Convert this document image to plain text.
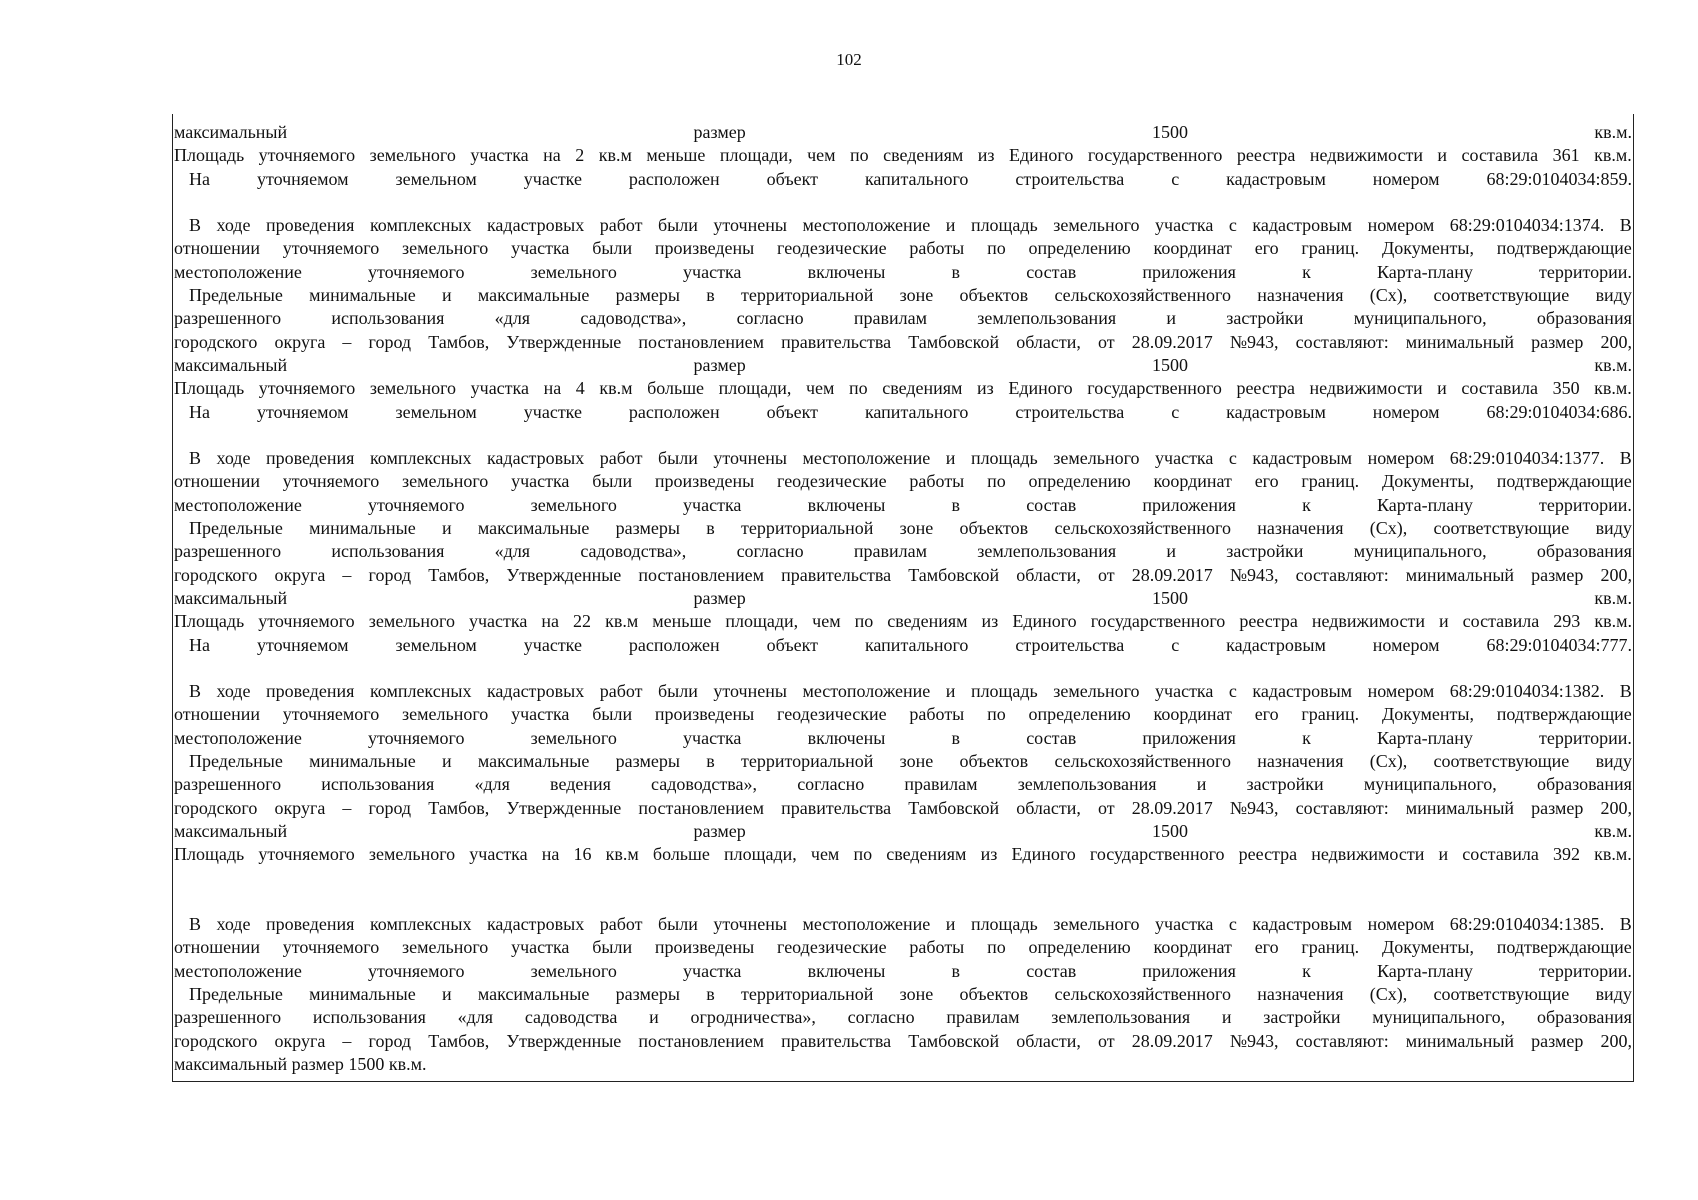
102
максимальный	размер	1500	кв.м.
Площадь уточняемого земельного участка на 2 кв.м меньше площади, чем по сведениям из Единого государственного реестра недвижимости и составила 361 кв.м.
На	уточняемом	земельном	участке	расположен	объект	капитального	строительства	с	кадастровым	номером	68:29:0104034:859.
В ходе проведения комплексных кадастровых работ были уточнены местоположение и площадь земельного участка с кадастровым номером 68:29:0104034:1374. В
отношении уточняемого земельного участка были произведены геодезические работы по определению координат его границ. Документы, подтверждающие
местоположение	уточняемого	земельного	участка	включены	в	состав	приложения	к	Карта-плану	территории.
Предельные минимальные и максимальные размеры в территориальной зоне объектов сельскохозяйственного назначения (Сх), соответствующие виду
разрешенного	использования	«для	садоводства»,	согласно	правилам	землепользования	и	застройки	муниципального,	образования
городского округа – город Тамбов, Утвержденные постановлением правительства Тамбовской области, от 28.09.2017 №943, составляют: минимальный размер 200,
максимальный	размер	1500	кв.м.
Площадь уточняемого земельного участка на 4 кв.м больше площади, чем по сведениям из Единого государственного реестра недвижимости и составила 350 кв.м.
На	уточняемом	земельном	участке	расположен	объект	капитального	строительства	с	кадастровым	номером	68:29:0104034:686.
В ходе проведения комплексных кадастровых работ были уточнены местоположение и площадь земельного участка с кадастровым номером 68:29:0104034:1377. В
отношении уточняемого земельного участка были произведены геодезические работы по определению координат его границ. Документы, подтверждающие
местоположение	уточняемого	земельного	участка	включены	в	состав	приложения	к	Карта-плану	территории.
Предельные минимальные и максимальные размеры в территориальной зоне объектов сельскохозяйственного назначения (Сх), соответствующие виду
разрешенного	использования	«для	садоводства»,	согласно	правилам	землепользования	и	застройки	муниципального,	образования
городского округа – город Тамбов, Утвержденные постановлением правительства Тамбовской области, от 28.09.2017 №943, составляют: минимальный размер 200,
максимальный	размер	1500	кв.м.
Площадь уточняемого земельного участка на 22 кв.м меньше площади, чем по сведениям из Единого государственного реестра недвижимости и составила 293 кв.м.
На	уточняемом	земельном	участке	расположен	объект	капитального	строительства	с	кадастровым	номером	68:29:0104034:777.
В ходе проведения комплексных кадастровых работ были уточнены местоположение и площадь земельного участка с кадастровым номером 68:29:0104034:1382. В
отношении уточняемого земельного участка были произведены геодезические работы по определению координат его границ. Документы, подтверждающие
местоположение	уточняемого	земельного	участка	включены	в	состав	приложения	к	Карта-плану	территории.
Предельные минимальные и максимальные размеры в территориальной зоне объектов сельскохозяйственного назначения (Сх), соответствующие виду
разрешенного использования «для ведения садоводства», согласно правилам землепользования и застройки муниципального, образования
городского округа – город Тамбов, Утвержденные постановлением правительства Тамбовской области, от 28.09.2017 №943, составляют: минимальный размер 200,
максимальный	размер	1500	кв.м.
Площадь уточняемого земельного участка на 16 кв.м больше площади, чем по сведениям из Единого государственного реестра недвижимости и составила 392 кв.м.
В ходе проведения комплексных кадастровых работ были уточнены местоположение и площадь земельного участка с кадастровым номером 68:29:0104034:1385. В
отношении уточняемого земельного участка были произведены геодезические работы по определению координат его границ. Документы, подтверждающие
местоположение	уточняемого	земельного	участка	включены	в	состав	приложения	к	Карта-плану	территории.
Предельные минимальные и максимальные размеры в территориальной зоне объектов сельскохозяйственного назначения (Сх), соответствующие виду
разрешенного использования «для садоводства и огродничества», согласно правилам землепользования и застройки муниципального, образования
городского округа – город Тамбов, Утвержденные постановлением правительства Тамбовской области, от 28.09.2017 №943, составляют: минимальный размер 200,
максимальный размер 1500 кв.м.
